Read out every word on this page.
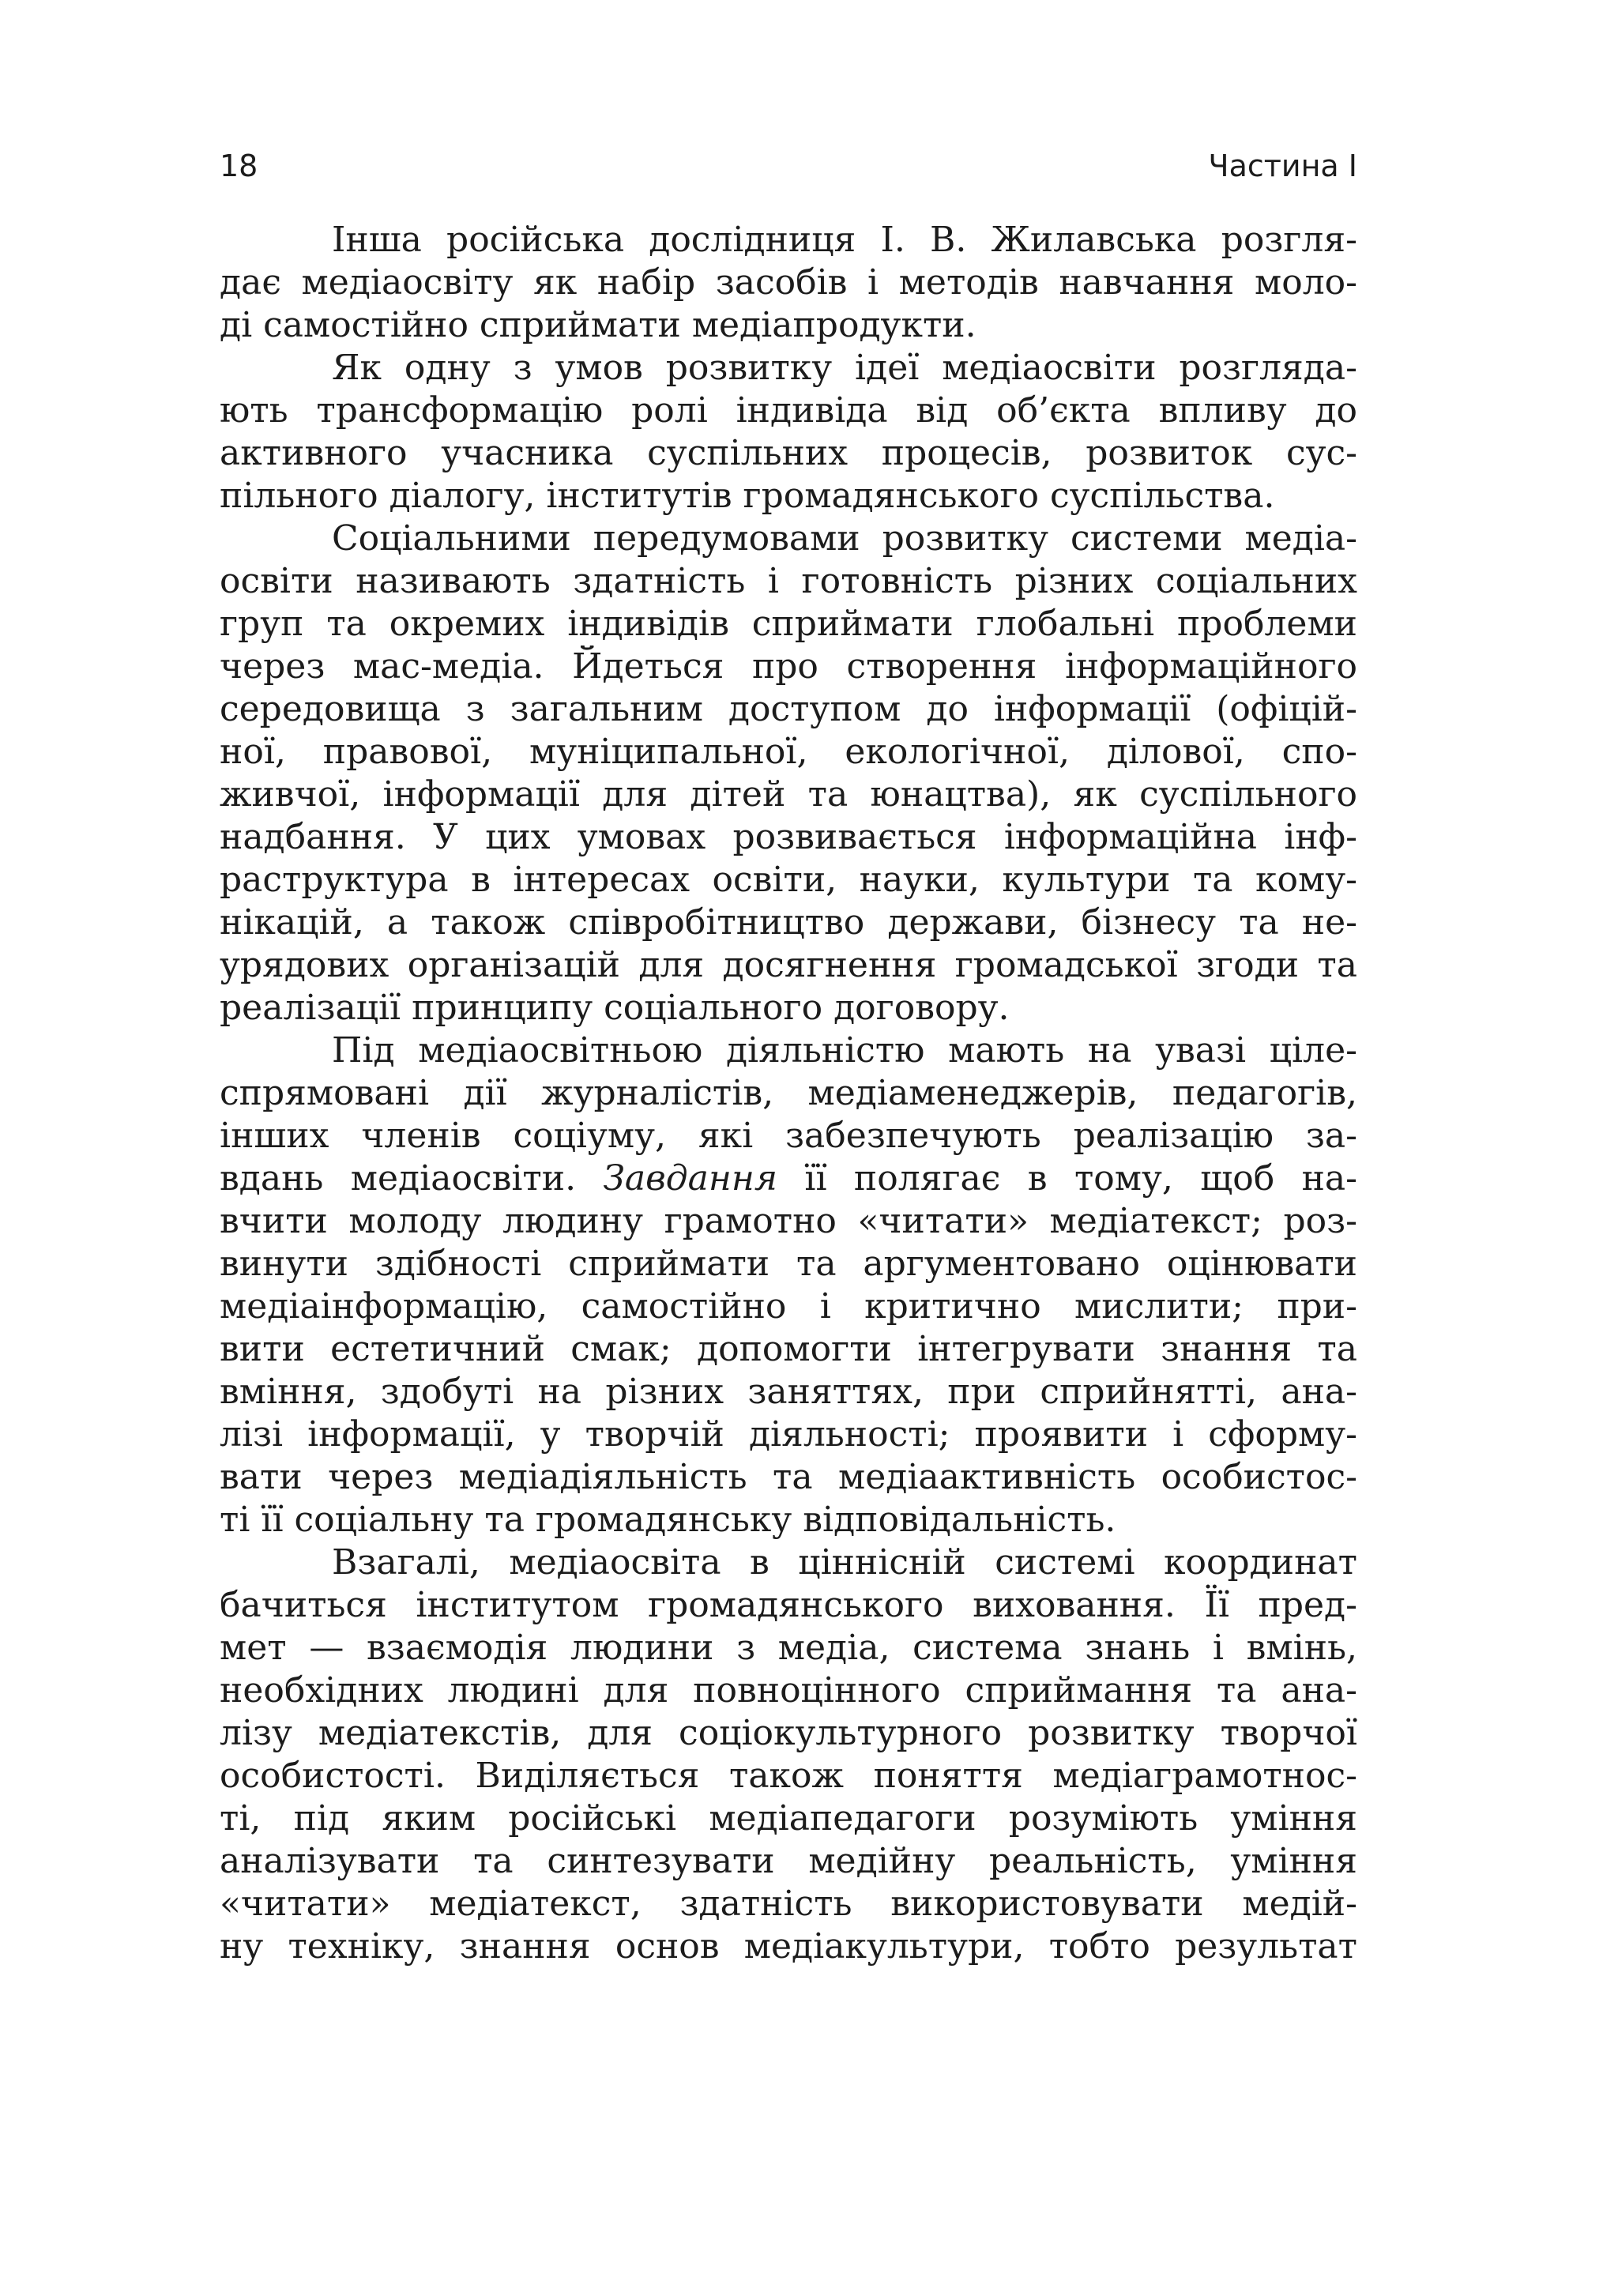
18	Частина І
Інша російська дослідниця І. В. Жилавська розгля-
дає медіаосвіту як набір засобів і методів навчання моло-
ді самостійно сприймати медіапродукти.
Як одну з умов розвитку ідеї медіаосвіти розгляда-
ють трансформацію ролі індивіда від об’єкта впливу до
активного учасника суспільних процесів, розвиток сус-
пільного діалогу, інститутів громадянського суспільства.
Соціальними передумовами розвитку системи медіа-
освіти називають здатність і готовність різних соціальних
груп та окремих індивідів сприймати глобальні проблеми
через мас-медіа. Йдеться про створення інформаційного
середовища з загальним доступом до інформації (офіцій-
ної, правової, муніципальної, екологічної, ділової, спо-
живчої, інформації для дітей та юнацтва), як суспільного
надбання. У цих умовах розвивається інформаційна інф-
раструктура в інтересах освіти, науки, культури та кому-
нікацій, а також співробітництво держави, бізнесу та не-
урядових організацій для досягнення громадської згоди та
реалізації принципу соціального договору.
Під медіаосвітньою діяльністю мають на увазі ціле-
спрямовані дії журналістів, медіаменеджерів, педагогів,
інших членів соціуму, які забезпечують реалізацію за-
вдань медіаосвіти. Завдання її полягає в тому, щоб на-
вчити молоду людину грамотно «читати» медіатекст; роз-
винути здібності сприймати та аргументовано оцінювати
медіаінформацію, самостійно і критично мислити; при-
вити естетичний смак; допомогти інтегрувати знання та
вміння, здобуті на різних заняттях, при сприйнятті, ана-
лізі інформації, у творчій діяльності; проявити і сформу-
вати через медіадіяльність та медіаактивність особистос-
ті її соціальну та громадянську відповідальність.
Взагалі, медіаосвіта в ціннісній системі координат
бачиться інститутом громадянського виховання. Її пред-
мет — взаємодія людини з медіа, система знань і вмінь,
необхідних людині для повноцінного сприймання та ана-
лізу медіатекстів, для соціокультурного розвитку творчої
особистості. Виділяється також поняття медіаграмотнос-
ті, під яким російські медіапедагоги розуміють уміння
аналізувати та синтезувати медійну реальність, уміння
«читати» медіатекст, здатність використовувати медій-
ну техніку, знання основ медіакультури, тобто результат
